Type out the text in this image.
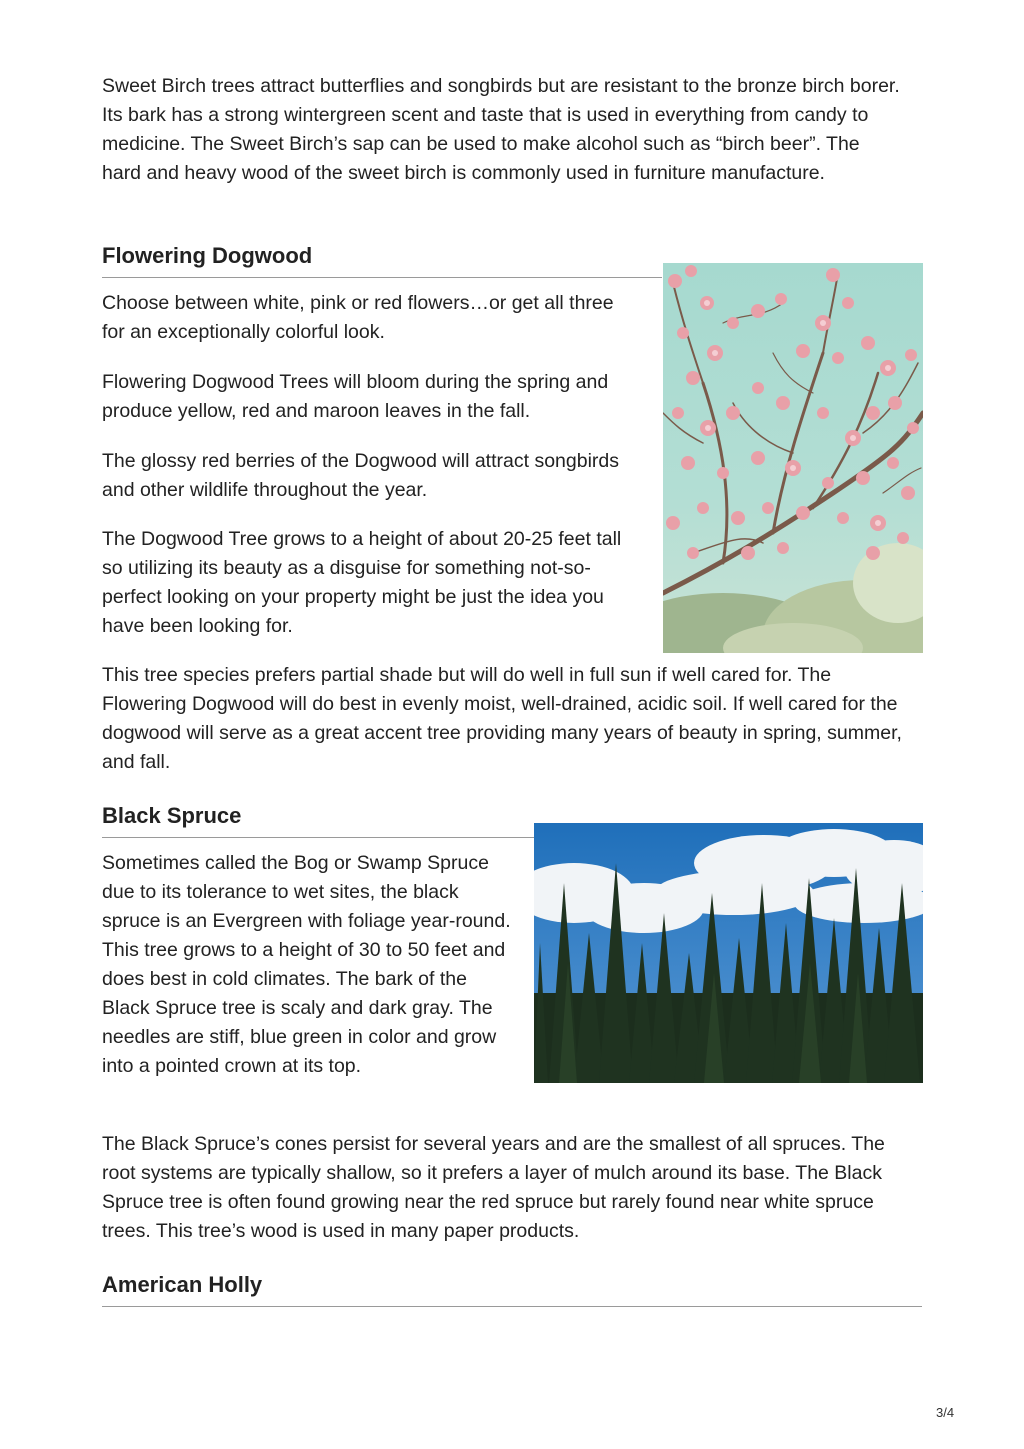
Sweet Birch trees attract butterflies and songbirds but are resistant to the bronze birch borer. Its bark has a strong wintergreen scent and taste that is used in everything from candy to medicine. The Sweet Birch’s sap can be used to make alcohol such as “birch beer”. The hard and heavy wood of the sweet birch is commonly used in furniture manufacture.

Flowering Dogwood

Choose between white, pink or red flowers…or get all three for an exceptionally colorful look.

Flowering Dogwood Trees will bloom during the spring and produce yellow, red and maroon leaves in the fall.

The glossy red berries of the Dogwood will attract songbirds and other wildlife throughout the year.

The Dogwood Tree grows to a height of about 20-25 feet tall so utilizing its beauty as a disguise for something not-so-perfect looking on your property might be just the idea you have been looking for.

This tree species prefers partial shade but will do well in full sun if well cared for. The Flowering Dogwood will do best in evenly moist, well-drained, acidic soil. If well cared for the dogwood will serve as a great accent tree providing many years of beauty in spring, summer, and fall.

Black Spruce

Sometimes called the Bog or Swamp Spruce due to its tolerance to wet sites, the black spruce is an Evergreen with foliage year-round. This tree grows to a height of 30 to 50 feet and does best in cold climates. The bark of the Black Spruce tree is scaly and dark gray. The needles are stiff, blue green in color and grow into a pointed crown at its top.

The Black Spruce’s cones persist for several years and are the smallest of all spruces. The root systems are typically shallow, so it prefers a layer of mulch around its base. The Black Spruce tree is often found growing near the red spruce but rarely found near white spruce trees. This tree’s wood is used in many paper products.

American Holly
3/4
